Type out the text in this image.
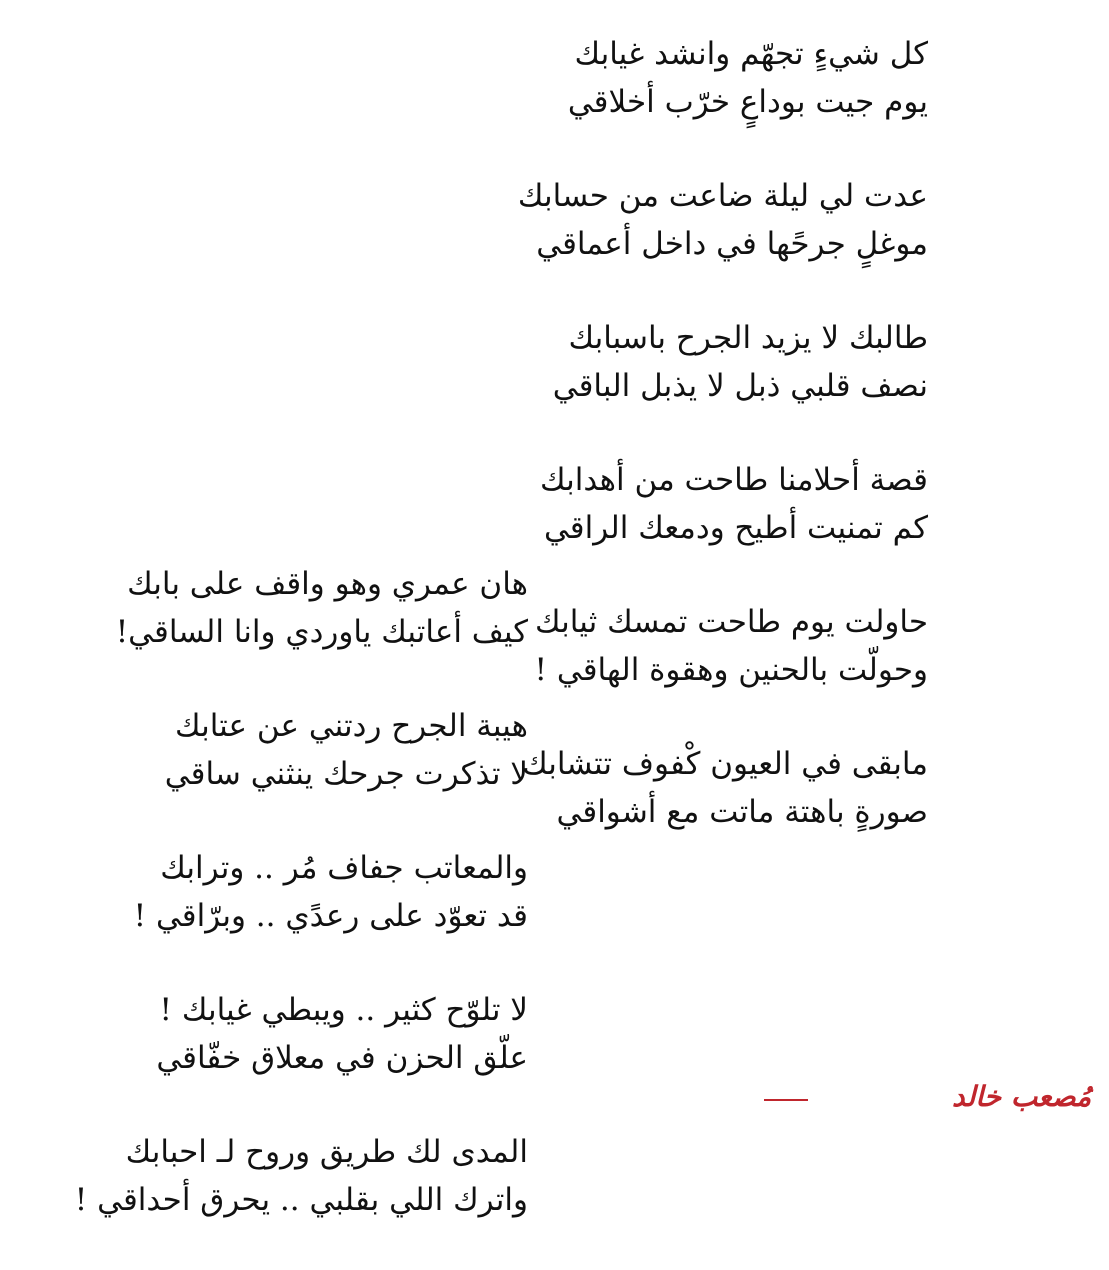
كل شيءٍ تجهّم وانشد غيابك
يوم جيت بوداعٍ خرّب أخلاقي
عدت لي ليلة ضاعت من حسابك
موغلٍ جرحًها في داخل أعماقي
طالبك لا يزيد الجرح باسبابك
نصف قلبي ذبل لا يذبل الباقي
قصة أحلامنا طاحت من أهدابك
كم تمنيت أطيح ودمعك الراقي
حاولت يوم طاحت تمسك ثيابك
وحولّت بالحنين وهقوة الهاقي !
مابقى في العيون كْفوف تتشابك
صورةٍ باهتة ماتت مع أشواقي
هان عمري وهو واقف على بابك
كيف أعاتبك ياوردي وانا الساقي!
هيبة الجرح ردتني عن عتابك
لا تذكرت جرحك ينثني ساقي
والمعاتب جفاف مُر .. وترابك
قد تعوّد على رعدًي .. وبرّاقي !
لا تلوّح كثير .. ويبطي غيابك !
علّق الحزن في معلاق خفّاقي
المدى لك طريق وروح لـ احبابك
واترك اللي بقلبي .. يحرق أحداقي !
مُصعب خالد
